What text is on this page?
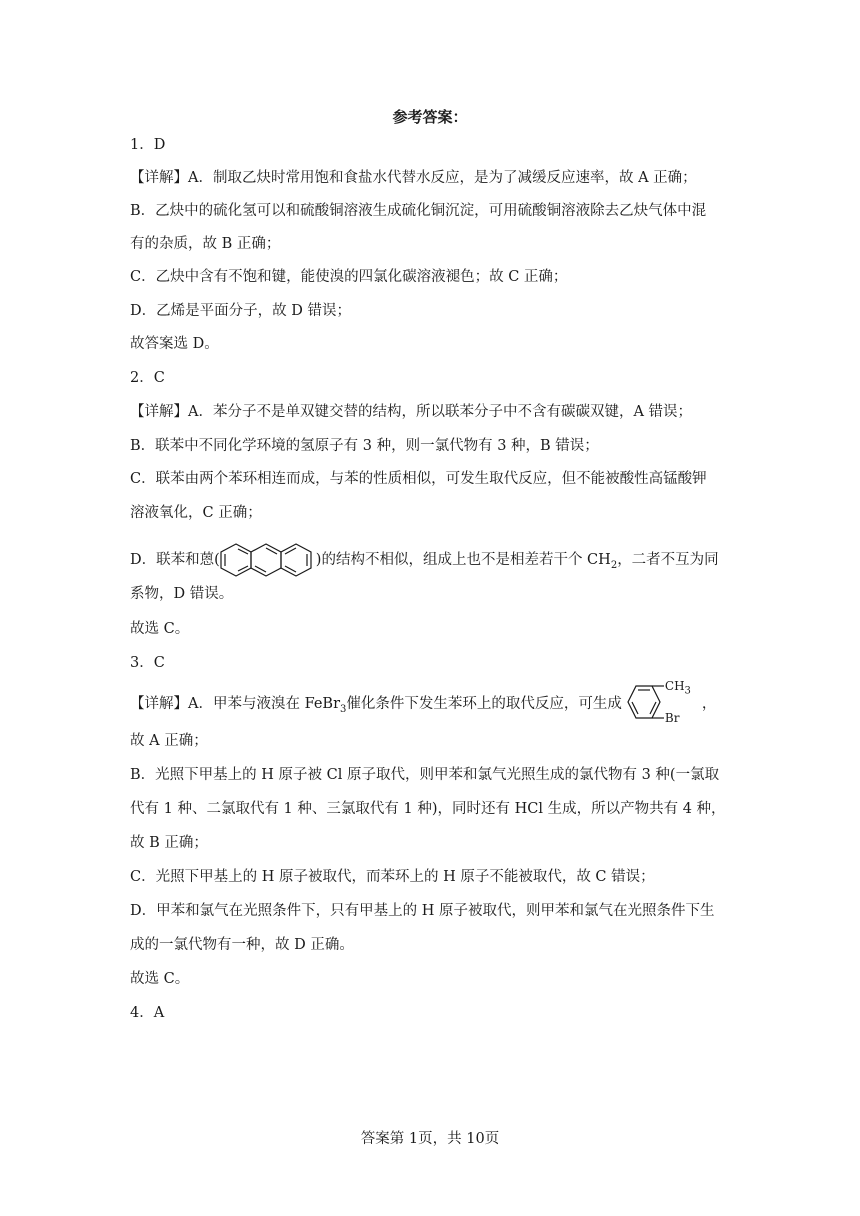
参考答案：
1．D
【详解】A．制取乙炔时常用饱和食盐水代替水反应，是为了减缓反应速率，故 A 正确；
B．乙炔中的硫化氢可以和硫酸铜溶液生成硫化铜沉淀，可用硫酸铜溶液除去乙炔气体中混
有的杂质，故 B 正确；
C．乙炔中含有不饱和键，能使溴的四氯化碳溶液褪色；故 C 正确；
D．乙烯是平面分子，故 D 错误；
故答案选 D。
2．C
【详解】A．苯分子不是单双键交替的结构，所以联苯分子中不含有碳碳双键，A 错误；
B．联苯中不同化学环境的氢原子有 3 种，则一氯代物有 3 种，B 错误；
C．联苯由两个苯环相连而成，与苯的性质相似，可发生取代反应，但不能被酸性高锰酸钾
溶液氧化，C 正确；
D．联苯和蒽(	)的结构不相似，组成上也不是相差若干个 $CH_2$，二者不互为同
系物，D 错误。
故选 C。
3．C
【详解】A．甲苯与液溴在 FeBr$_3$催化条件下发生苯环上的取代反应，可生成
$CH_3$
Br
，
故 A 正确；
B．光照下甲基上的 H 原子被 Cl 原子取代，则甲苯和氯气光照生成的氯代物有 3 种(一氯取
代有 1 种、二氯取代有 1 种、三氯取代有 1 种)，同时还有 HCl 生成，所以产物共有 4 种，
故 B 正确；
C．光照下甲基上的 H 原子被取代，而苯环上的 H 原子不能被取代，故 C 错误；
D．甲苯和氯气在光照条件下，只有甲基上的 H 原子被取代，则甲苯和氯气在光照条件下生
成的一氯代物有一种，故 D 正确。
故选 C。
4．A
答案第 1页，共 10页
